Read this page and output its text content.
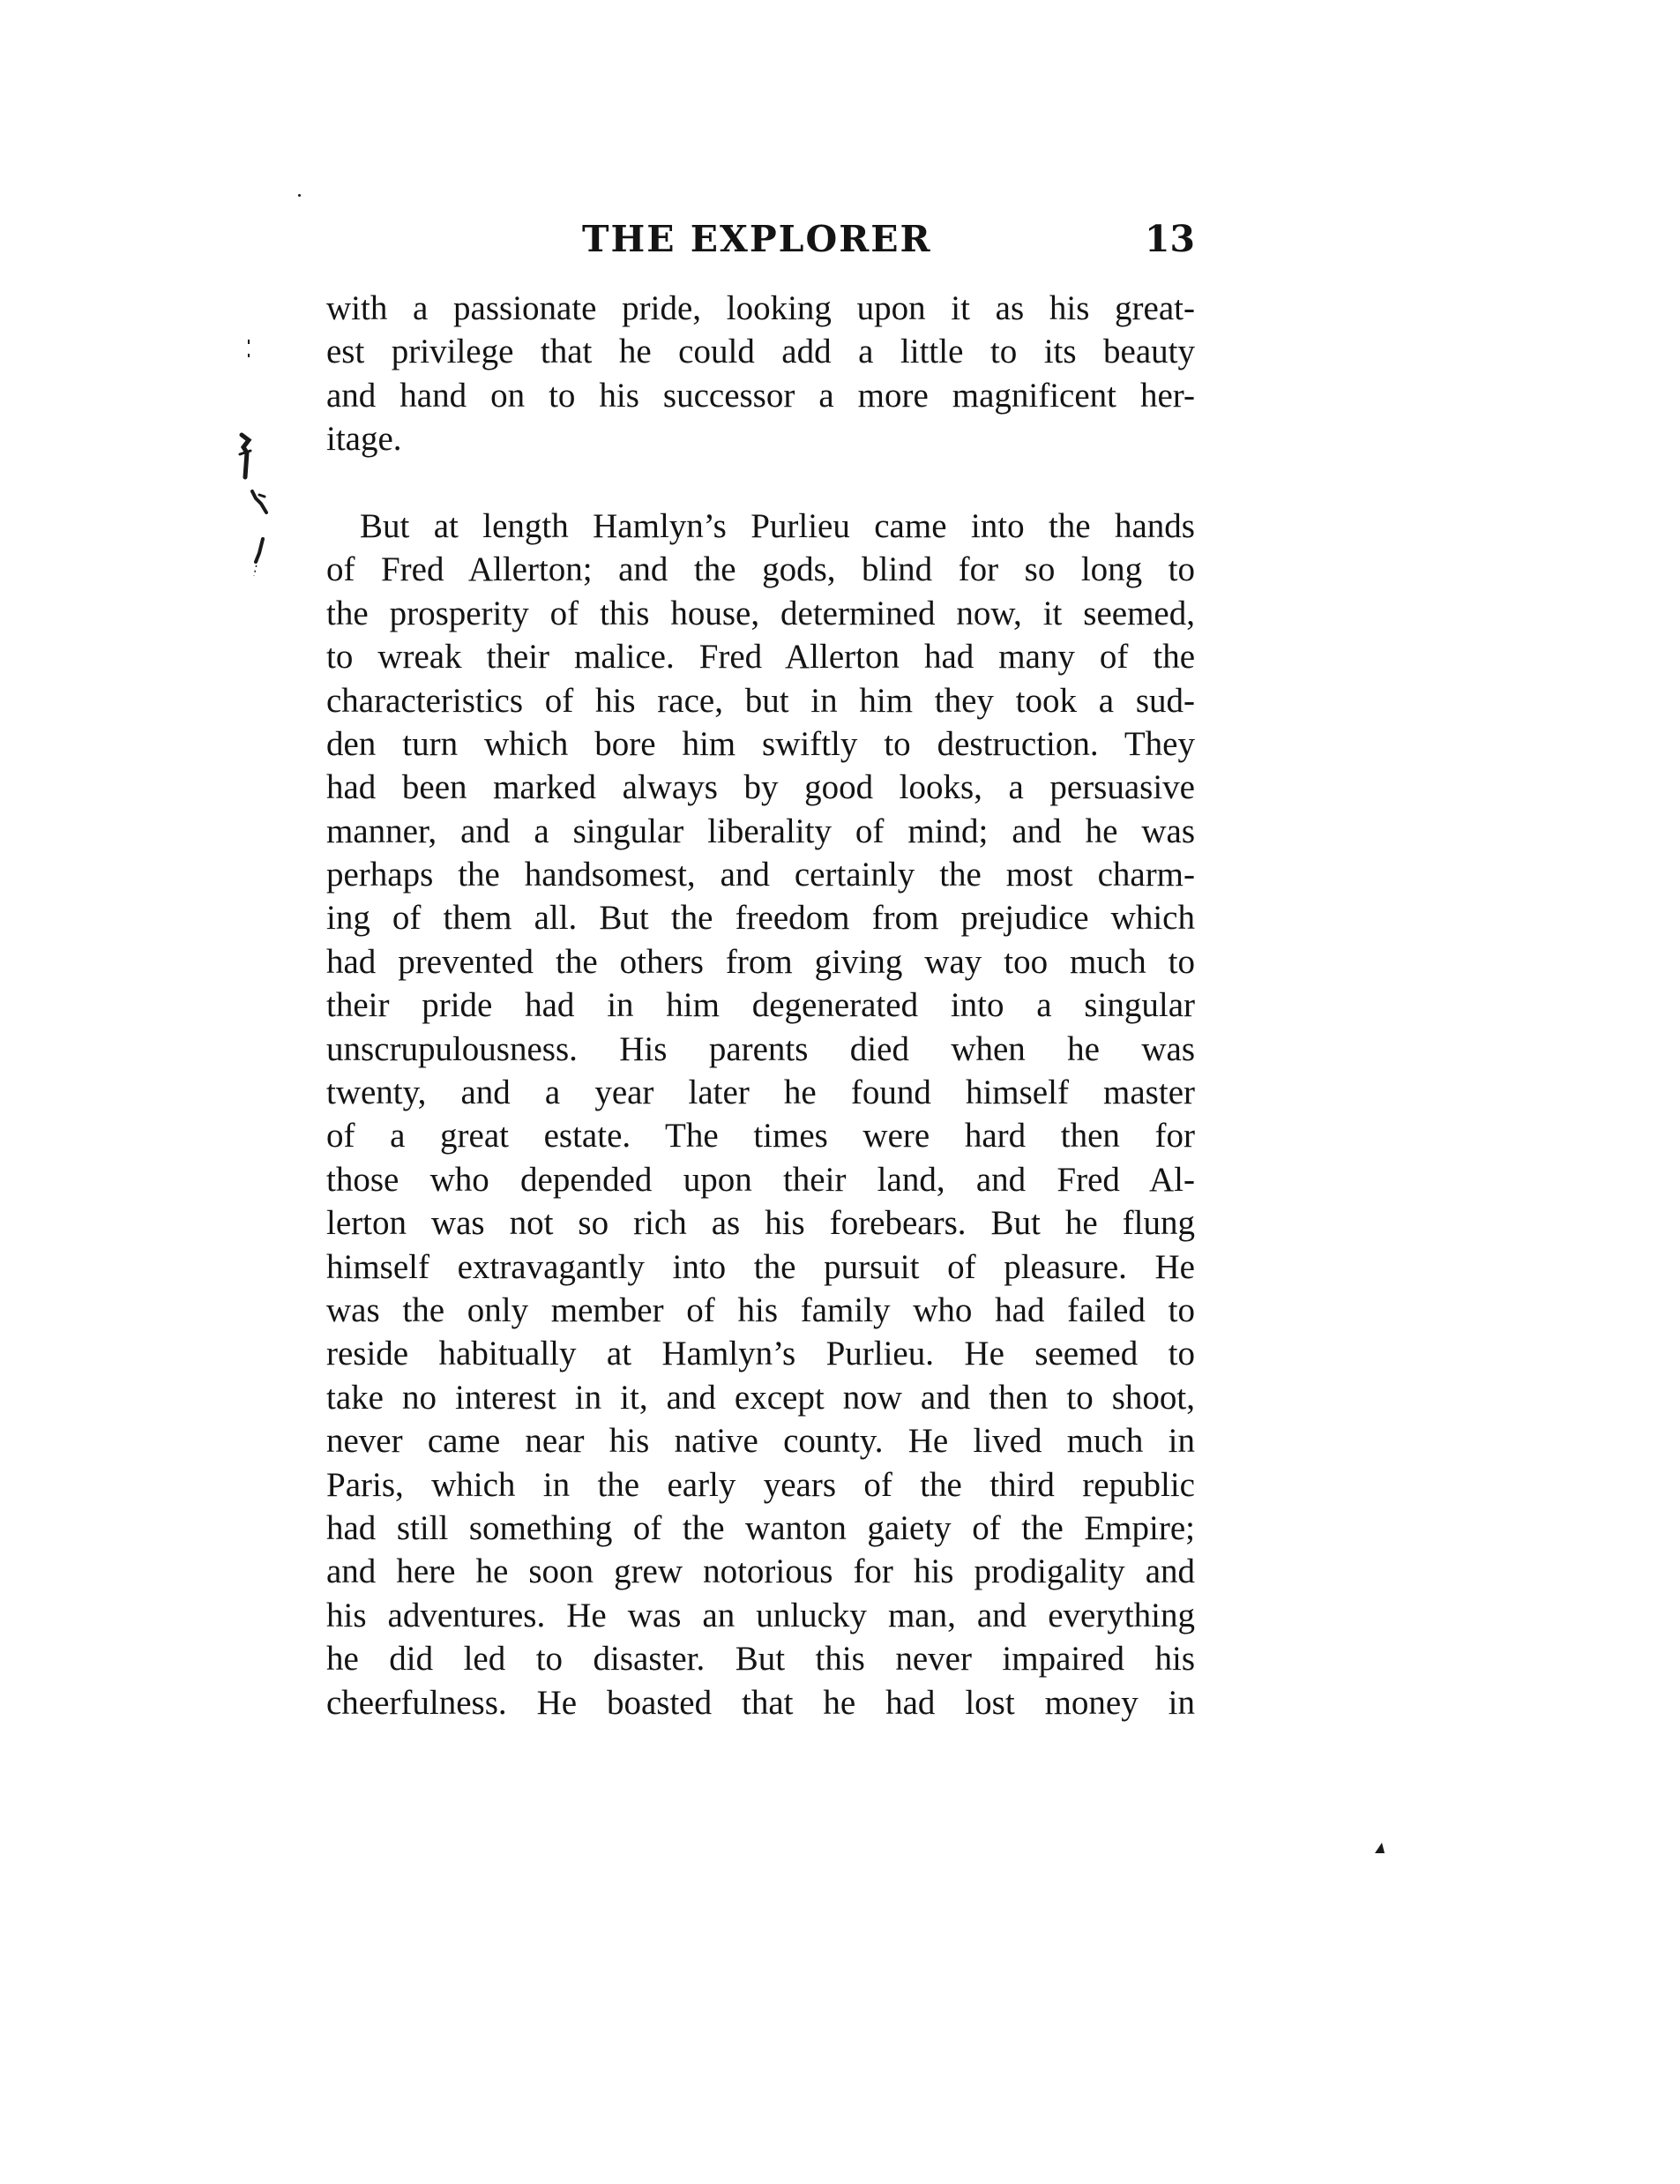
THE EXPLORER	13
with a passionate pride, looking upon it as his great-
est privilege that he could add a little to its beauty
and hand on to his successor a more magnificent her-
itage.
But at length Hamlyn’s Purlieu came into the hands
of Fred Allerton; and the gods, blind for so long to
the prosperity of this house, determined now, it seemed,
to wreak their malice. Fred Allerton had many of the
characteristics of his race, but in him they took a sud-
den turn which bore him swiftly to destruction. They
had been marked always by good looks, a persuasive
manner, and a singular liberality of mind; and he was
perhaps the handsomest, and certainly the most charm-
ing of them all. But the freedom from prejudice which
had prevented the others from giving way too much to
their pride had in him degenerated into a singular
unscrupulousness. His parents died when he was
twenty, and a year later he found himself master
of a great estate. The times were hard then for
those who depended upon their land, and Fred Al-
lerton was not so rich as his forebears. But he flung
himself extravagantly into the pursuit of pleasure. He
was the only member of his family who had failed to
reside habitually at Hamlyn’s Purlieu. He seemed to
take no interest in it, and except now and then to shoot,
never came near his native county. He lived much in
Paris, which in the early years of the third republic
had still something of the wanton gaiety of the Empire;
and here he soon grew notorious for his prodigality and
his adventures. He was an unlucky man, and everything
he did led to disaster. But this never impaired his
cheerfulness. He boasted that he had lost money in
